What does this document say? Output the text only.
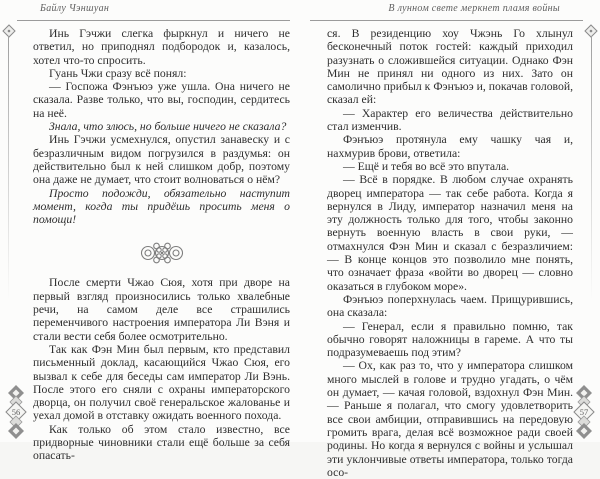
Байлу Чэншуан

Инь Гэчжи слегка фыркнул и ничего не ответил, но приподнял подбородок и, казалось, хотел что-то спросить.

Гуань Чжи сразу всё понял:

— Госпожа Фэнъюэ уже ушла. Она ничего не сказала. Разве только, что вы, господин, сердитесь на неё.

Знала, что злюсь, но больше ничего не сказала?

Инь Гэчжи усмехнулся, опустил занавеску и с безразличным видом погрузился в раздумья: он действительно был к ней слишком добр, поэтому она даже не думает, что стоит волноваться о нём?

Просто подожди, обязательно наступит момент, когда ты придёшь просить меня о помощи!

После смерти Чжао Сюя, хотя при дворе на первый взгляд произносились только хвалебные речи, на самом деле все страшились переменчивого настроения императора Ли Вэня и стали вести себя более осмотрительно.

Так как Фэн Мин был первым, кто представил письменный доклад, касающийся Чжао Сюя, его вызвал к себе для беседы сам император Ли Вэнь. После этого его сняли с охраны императорского дворца, он получил своё генеральское жалованье и уехал домой в отставку ожидать военного похода.

Как только об этом стало известно, все придворные чиновники стали ещё больше за себя опасать-

56
В лунном свете меркнет пламя войны

ся. В резиденцию хоу Чжэнь Го хлынул бесконечный поток гостей: каждый приходил разузнать о сложившейся ситуации. Однако Фэн Мин не принял ни одного из них. Зато он самолично прибыл к Фэнъюэ и, покачав головой, сказал ей:

— Характер его величества действительно стал изменчив.

Фэнъюэ протянула ему чашку чая и, нахмурив брови, ответила:

— Ещё и тебя во всё это впутала.

— Всё в порядке. В любом случае охранять дворец императора — так себе работа. Когда я вернулся в Лиду, император назначил меня на эту должность только для того, чтобы законно вернуть военную власть в свои руки, — отмахнулся Фэн Мин и сказал с безразличием: — В конце концов это позволило мне понять, что означает фраза «войти во дворец — словно оказаться в глубоком море».

Фэнъюэ поперхнулась чаем. Прищурившись, она сказала:

— Генерал, если я правильно помню, так обычно говорят наложницы в гареме. А что ты подразумеваешь под этим?

— Ох, как раз то, что у императора слишком много мыслей в голове и трудно угадать, о чём он думает, — качая головой, вздохнул Фэн Мин. — Раньше я полагал, что смогу удовлетворить все свои амбиции, отправившись на передовую громить врага, делая всё возможное ради своей родины. Но когда я вернулся с войны и услышал эти уклончивые ответы императора, только тогда осо-

57
